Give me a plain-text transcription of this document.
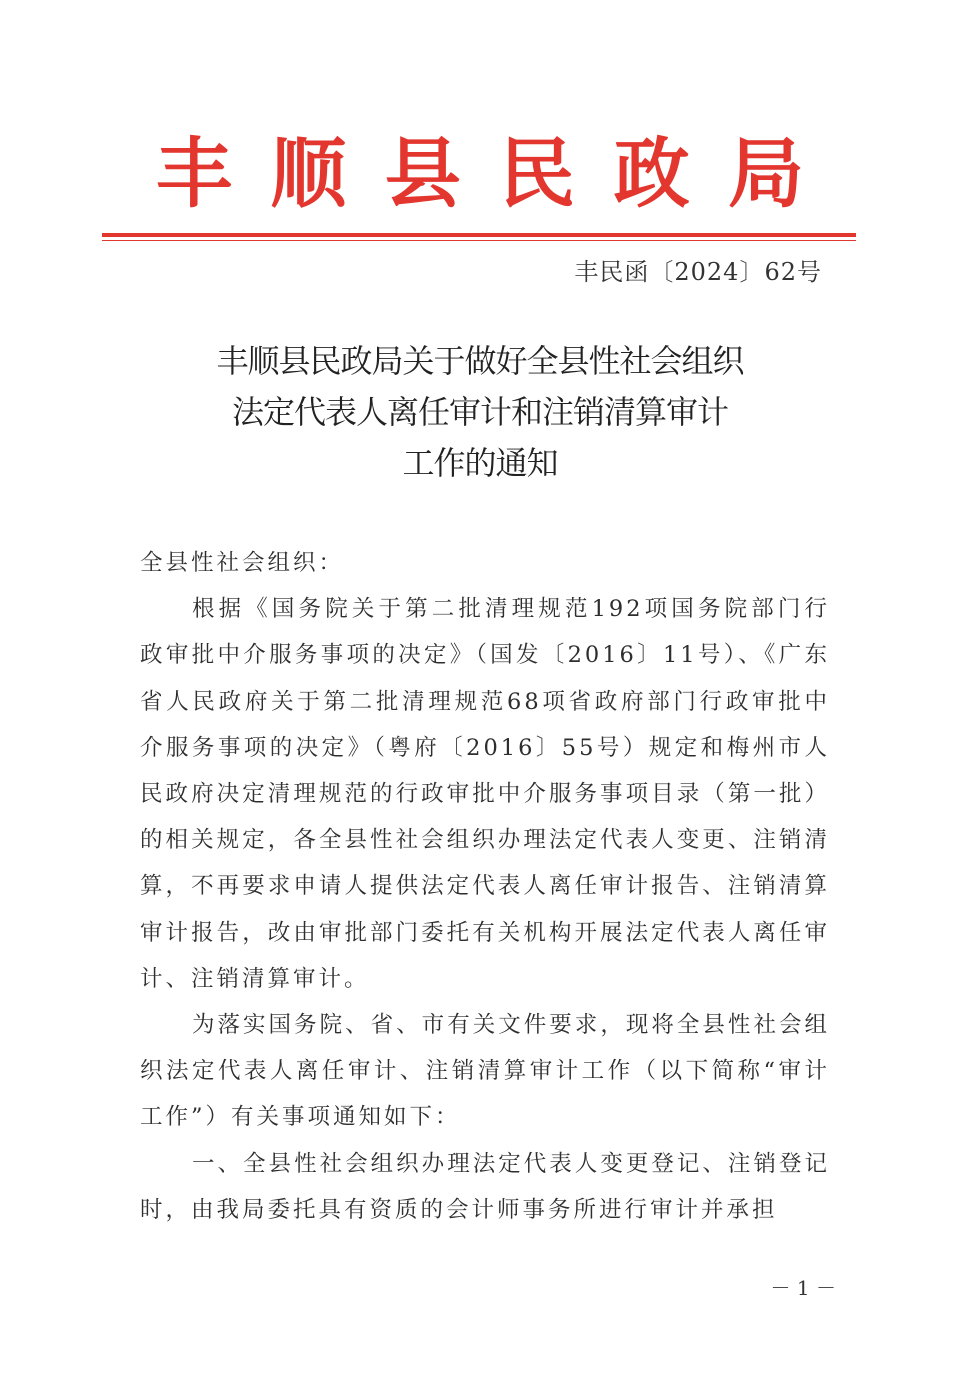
丰 顺 县 民 政 局
丰民函〔2024〕62号
丰顺县民政局关于做好全县性社会组织
法定代表人离任审计和注销清算审计
工作的通知

全县性社会组织：

根据《国务院关于第二批清理规范192项国务院部门行政审批中介服务事项的决定》（国发〔2016〕11号）、《广东省人民政府关于第二批清理规范68项省政府部门行政审批中介服务事项的决定》（粤府〔2016〕55号）规定和梅州市人民政府决定清理规范的行政审批中介服务事项目录（第一批）的相关规定，各全县性社会组织办理法定代表人变更、注销清算，不再要求申请人提供法定代表人离任审计报告、注销清算审计报告，改由审批部门委托有关机构开展法定代表人离任审计、注销清算审计。

为落实国务院、省、市有关文件要求，现将全县性社会组织法定代表人离任审计、注销清算审计工作（以下简称“审计工作”）有关事项通知如下：

一、全县性社会组织办理法定代表人变更登记、注销登记时，由我局委托具有资质的会计师事务所进行审计并承担

－ 1 －
